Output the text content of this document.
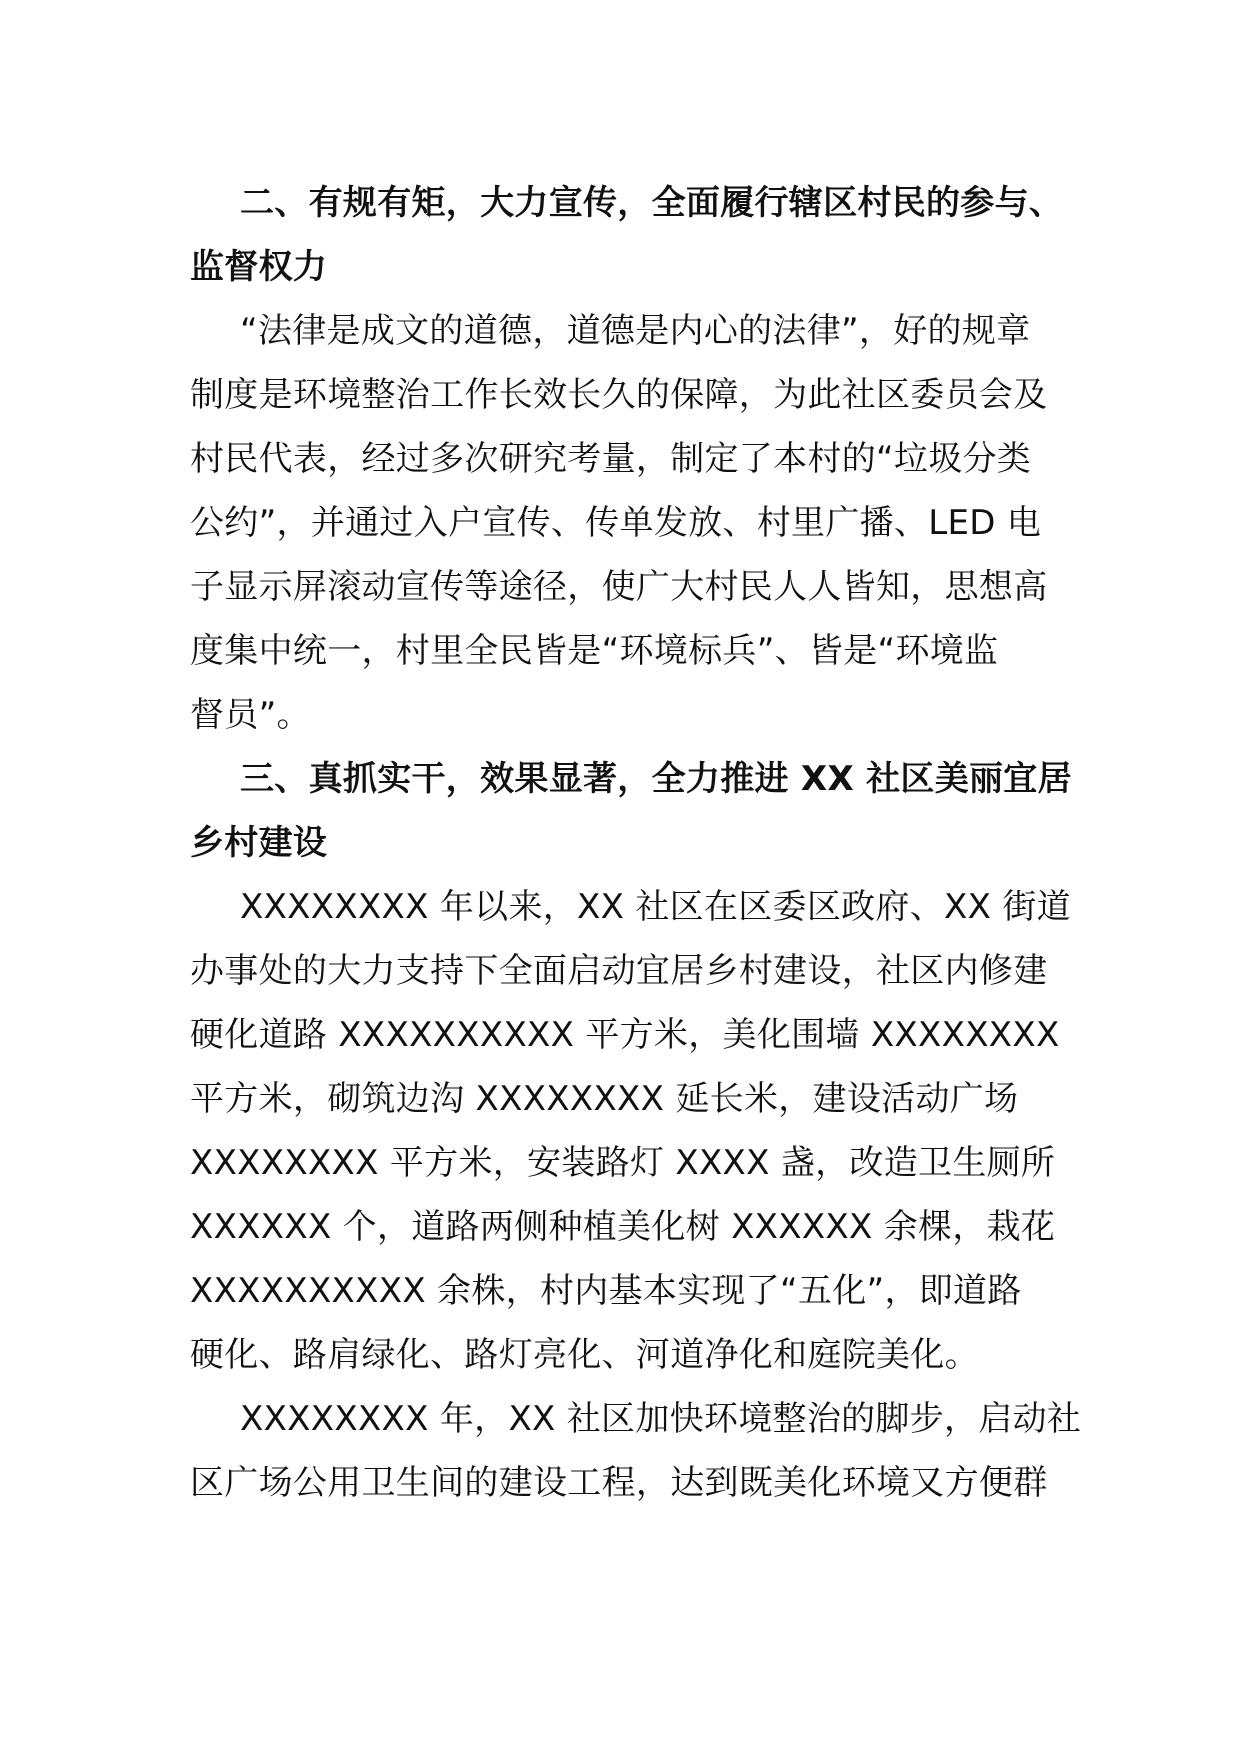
二、有规有矩，大力宣传，全面履行辖区村民的参与、
监督权力
“法律是成文的道德，道德是内心的法律”，好的规章
制度是环境整治工作长效长久的保障，为此社区委员会及
村民代表，经过多次研究考量，制定了本村的“垃圾分类
公约”，并通过入户宣传、传单发放、村里广播、LED 电
子显示屏滚动宣传等途径，使广大村民人人皆知，思想高
度集中统一，村里全民皆是“环境标兵”、皆是“环境监
督员”。
三、真抓实干，效果显著，全力推进 XX 社区美丽宜居
乡村建设
XXXXXXXX 年以来，XX 社区在区委区政府、XX 街道
办事处的大力支持下全面启动宜居乡村建设，社区内修建
硬化道路 XXXXXXXXXX 平方米，美化围墙 XXXXXXXX
平方米，砌筑边沟 XXXXXXXX 延长米，建设活动广场
XXXXXXXX 平方米，安装路灯 XXXX 盏，改造卫生厕所
XXXXXX 个，道路两侧种植美化树 XXXXXX 余棵，栽花
XXXXXXXXXX 余株，村内基本实现了“五化”，即道路
硬化、路肩绿化、路灯亮化、河道净化和庭院美化。
XXXXXXXX 年，XX 社区加快环境整治的脚步，启动社
区广场公用卫生间的建设工程，达到既美化环境又方便群
